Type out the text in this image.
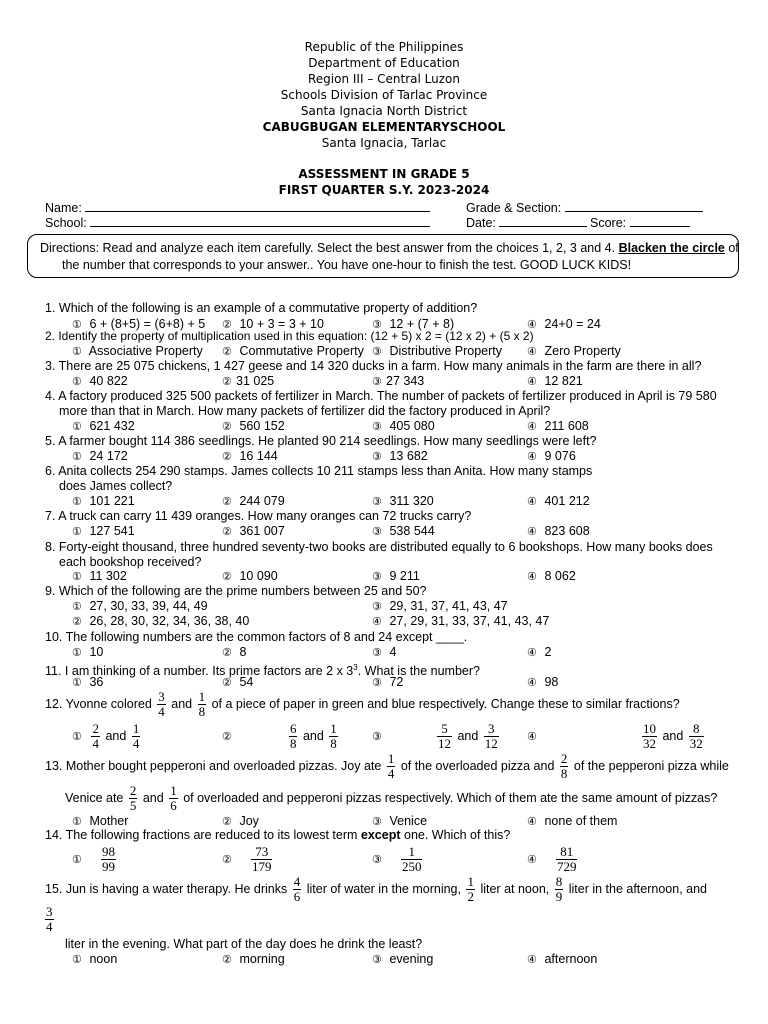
Republic of the Philippines
Department of Education
Region III – Central Luzon
Schools Division of Tarlac Province
Santa Ignacia North District
CABUGBUGAN ELEMENTARYSCHOOL
Santa Ignacia, Tarlac
ASSESSMENT IN GRADE 5
FIRST QUARTER S.Y. 2023-2024
Name:	Grade & Section:
School:	Date:	Score:
Directions: Read and analyze each item carefully. Select the best answer from the choices 1, 2, 3 and 4. Blacken the circle of
the number that corresponds to your answer.. You have one-hour to finish the test. GOOD LUCK KIDS!
1. Which of the following is an example of a commutative property of addition?
① 6 + (8+5) = (6+8) + 5 ② 10 + 3 = 3 + 10	③ 12 + (7 + 8)	④ 24+0 = 24
2. Identify the property of multiplication used in this equation: (12 + 5) x 2 = (12 x 2) + (5 x 2)
① Associative Property ② Commutative Property ③ Distributive Property ④ Zero Property
3. There are 25 075 chickens, 1 427 geese and 14 320 ducks in a farm. How many animals in the farm are there in all?
① 40 822	② 31 025	③ 27 343	④ 12 821
4. A factory produced 325 500 packets of fertilizer in March. The number of packets of fertilizer produced in April is 79 580
more than that in March. How many packets of fertilizer did the factory produced in April?
① 621 432	② 560 152	③ 405 080	④ 211 608
5. A farmer bought 114 386 seedlings. He planted 90 214 seedlings. How many seedlings were left?
① 24 172	② 16 144	③ 13 682	④ 9 076
6. Anita collects 254 290 stamps. James collects 10 211 stamps less than Anita. How many stamps
does James collect?
① 101 221	② 244 079	③ 311 320	④ 401 212
7. A truck can carry 11 439 oranges. How many oranges can 72 trucks carry?
① 127 541	② 361 007	③ 538 544	④ 823 608
8. Forty-eight thousand, three hundred seventy-two books are distributed equally to 6 bookshops. How many books does
each bookshop received?
① 11 302	② 10 090	③ 9 211	④ 8 062
9. Which of the following are the prime numbers between 25 and 50?
① 27, 30, 33, 39, 44, 49
② 26, 28, 30, 32, 34, 36, 38, 40
③ 29, 31, 37, 41, 43, 47
④ 27, 29, 31, 33, 37, 41, 43, 47
10. The following numbers are the common factors of 8 and 24 except ____.
① 10	② 8	③ 4	④ 2
11. I am thinking of a number. Its prime factors are 2 x $3^3$. What is the number?
① 36	② 54	③ 72	④ 98
12. Yvonne colored $\frac{3}{4}$ and $\frac{1}{8}$ of a piece of paper in green and blue respectively. Change these to similar fractions?
① $\frac{2}{4}$ and $\frac{1}{4}$	②	$\frac{6}{8}$ and $\frac{1}{8}$	③	$\frac{5}{12}$ and $\frac{3}{12}$	④	$\frac{10}{32}$ and $\frac{8}{32}$
13. Mother bought pepperoni and overloaded pizzas. Joy ate $\frac{1}{4}$ of the overloaded pizza and $\frac{2}{8}$ of the pepperoni pizza while
Venice ate $\frac{2}{5}$ and $\frac{1}{6}$ of overloaded and pepperoni pizzas respectively. Which of them ate the same amount of pizzas?
① Mother	② Joy	③ Venice	④ none of them
14. The following fractions are reduced to its lowest term except one. Which of this?
① $\frac{98}{99}$	② $\frac{73}{179}$	③ $\frac{1}{250}$	④ $\frac{81}{729}$
15. Jun is having a water therapy. He drinks $\frac{4}{6}$ liter of water in the morning, $\frac{1}{2}$ liter at noon, $\frac{8}{9}$ liter in the afternoon, and
$\frac{3}{4}$
liter in the evening. What part of the day does he drink the least?
① noon	② morning	③ evening	④ afternoon
